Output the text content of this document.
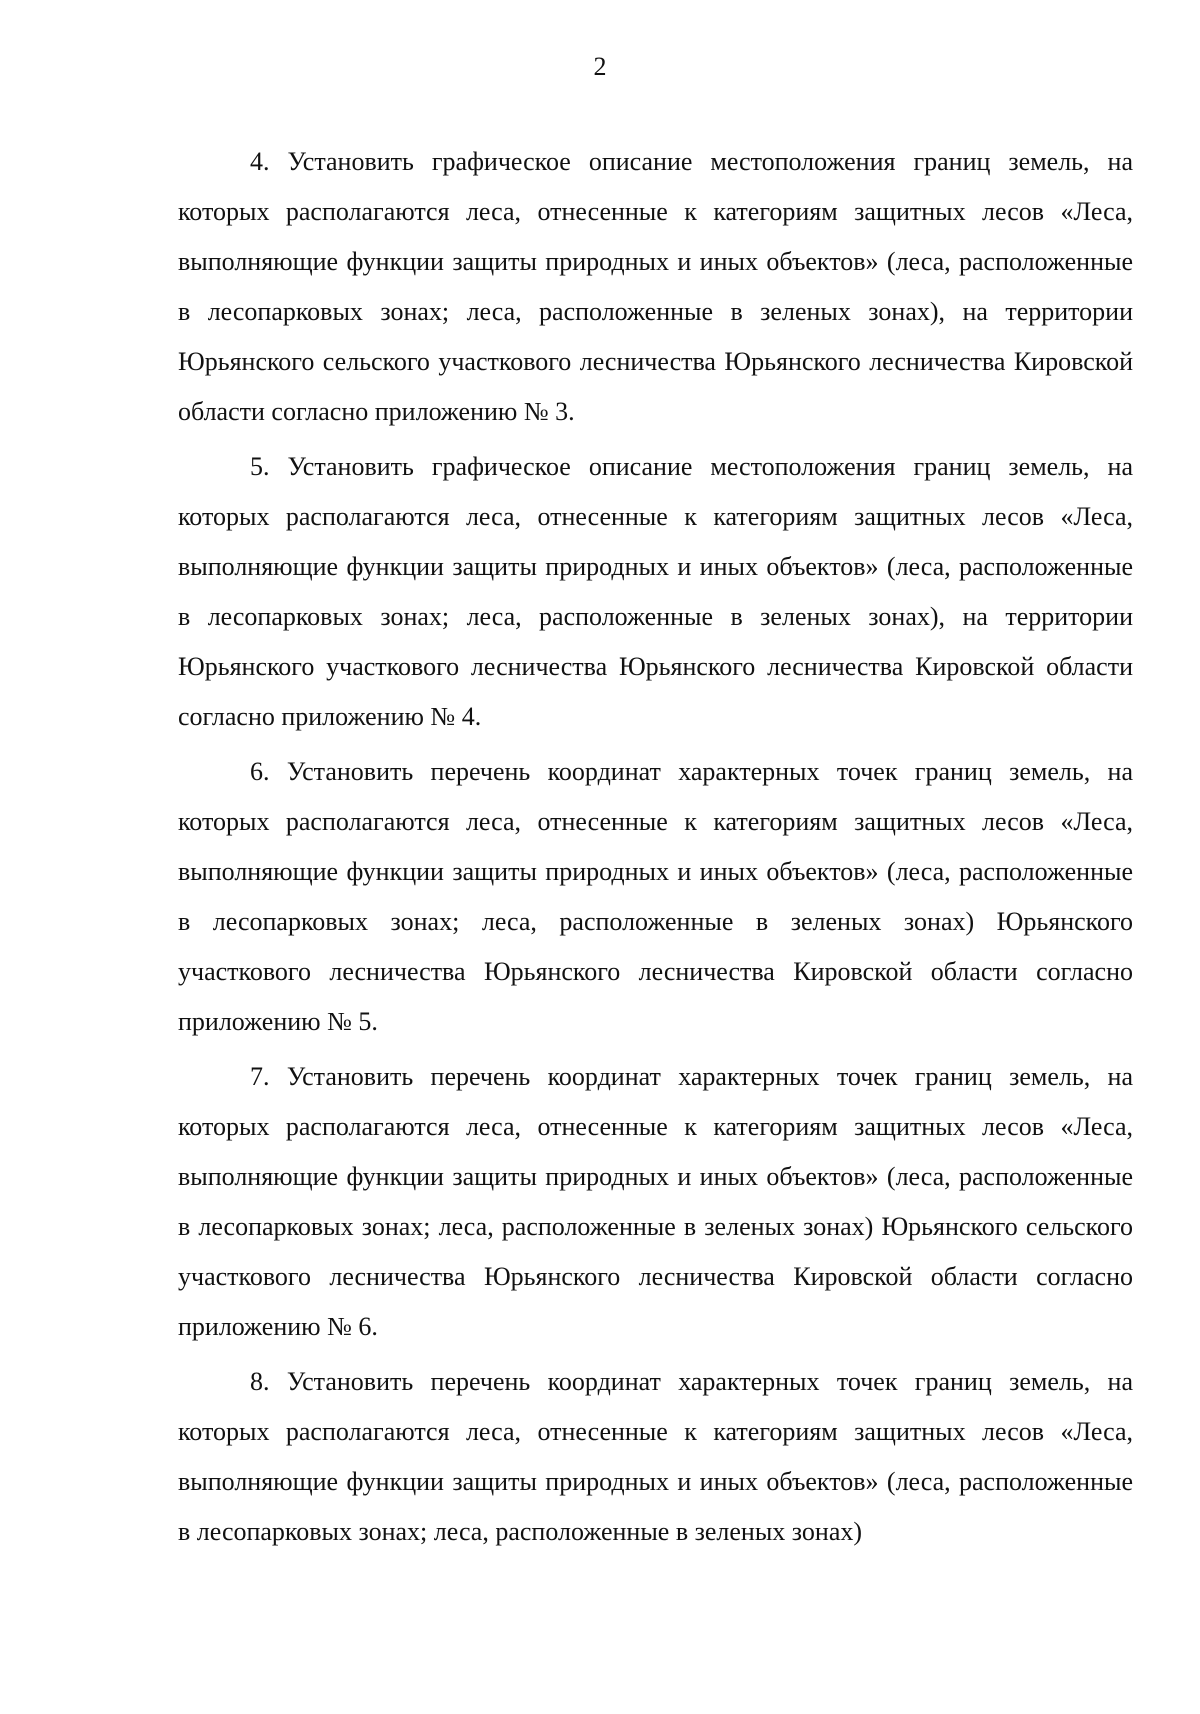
2

4. Установить графическое описание местоположения границ земель, на которых располагаются леса, отнесенные к категориям защитных лесов «Леса, выполняющие функции защиты природных и иных объектов» (леса, расположенные в лесопарковых зонах; леса, расположенные в зеленых зонах), на территории Юрьянского сельского участкового лесничества Юрьянского лесничества Кировской области согласно приложению № 3.

5. Установить графическое описание местоположения границ земель, на которых располагаются леса, отнесенные к категориям защитных лесов «Леса, выполняющие функции защиты природных и иных объектов» (леса, расположенные в лесопарковых зонах; леса, расположенные в зеленых зонах), на территории Юрьянского участкового лесничества Юрьянского лесничества Кировской области согласно приложению № 4.

6. Установить перечень координат характерных точек границ земель, на которых располагаются леса, отнесенные к категориям защитных лесов «Леса, выполняющие функции защиты природных и иных объектов» (леса, расположенные в лесопарковых зонах; леса, расположенные в зеленых зонах) Юрьянского участкового лесничества Юрьянского лесничества Кировской области согласно приложению № 5.

7. Установить перечень координат характерных точек границ земель, на которых располагаются леса, отнесенные к категориям защитных лесов «Леса, выполняющие функции защиты природных и иных объектов» (леса, расположенные в лесопарковых зонах; леса, расположенные в зеленых зонах) Юрьянского сельского участкового лесничества Юрьянского лесничества Кировской области согласно приложению № 6.

8. Установить перечень координат характерных точек границ земель, на которых располагаются леса, отнесенные к категориям защитных лесов «Леса, выполняющие функции защиты природных и иных объектов» (леса, расположенные в лесопарковых зонах; леса, расположенные в зеленых зонах)
